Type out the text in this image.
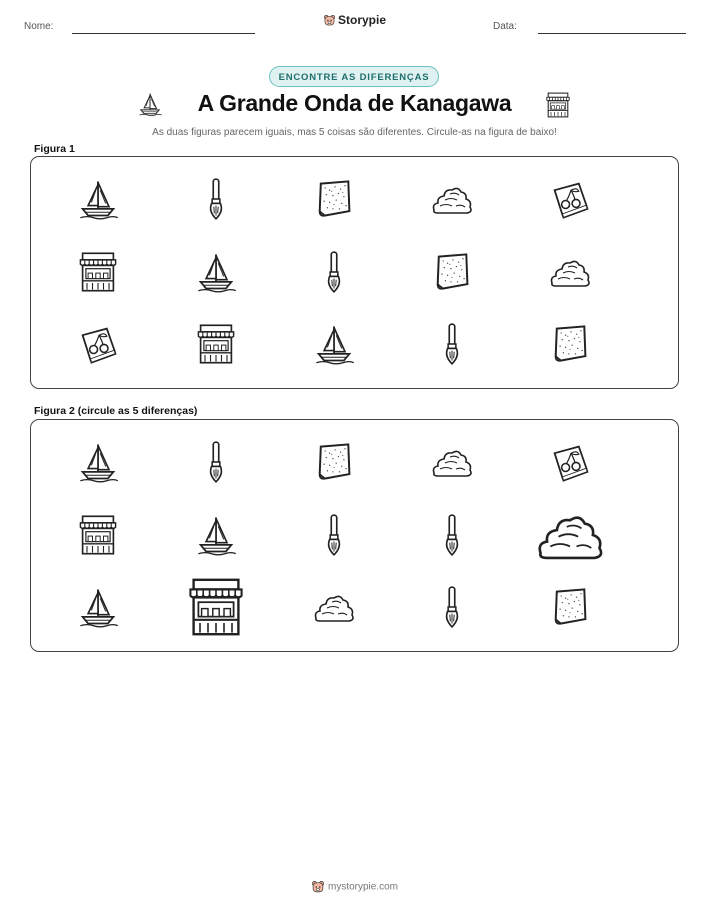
Nome:	Storypie	Data:
ENCONTRE AS DIFERENÇAS
A Grande Onda de Kanagawa
As duas figuras parecem iguais, mas 5 coisas são diferentes. Circule-as na figura de baixo!
Figura 1
Figura 2 (circule as 5 diferenças)
mystorypie.com
